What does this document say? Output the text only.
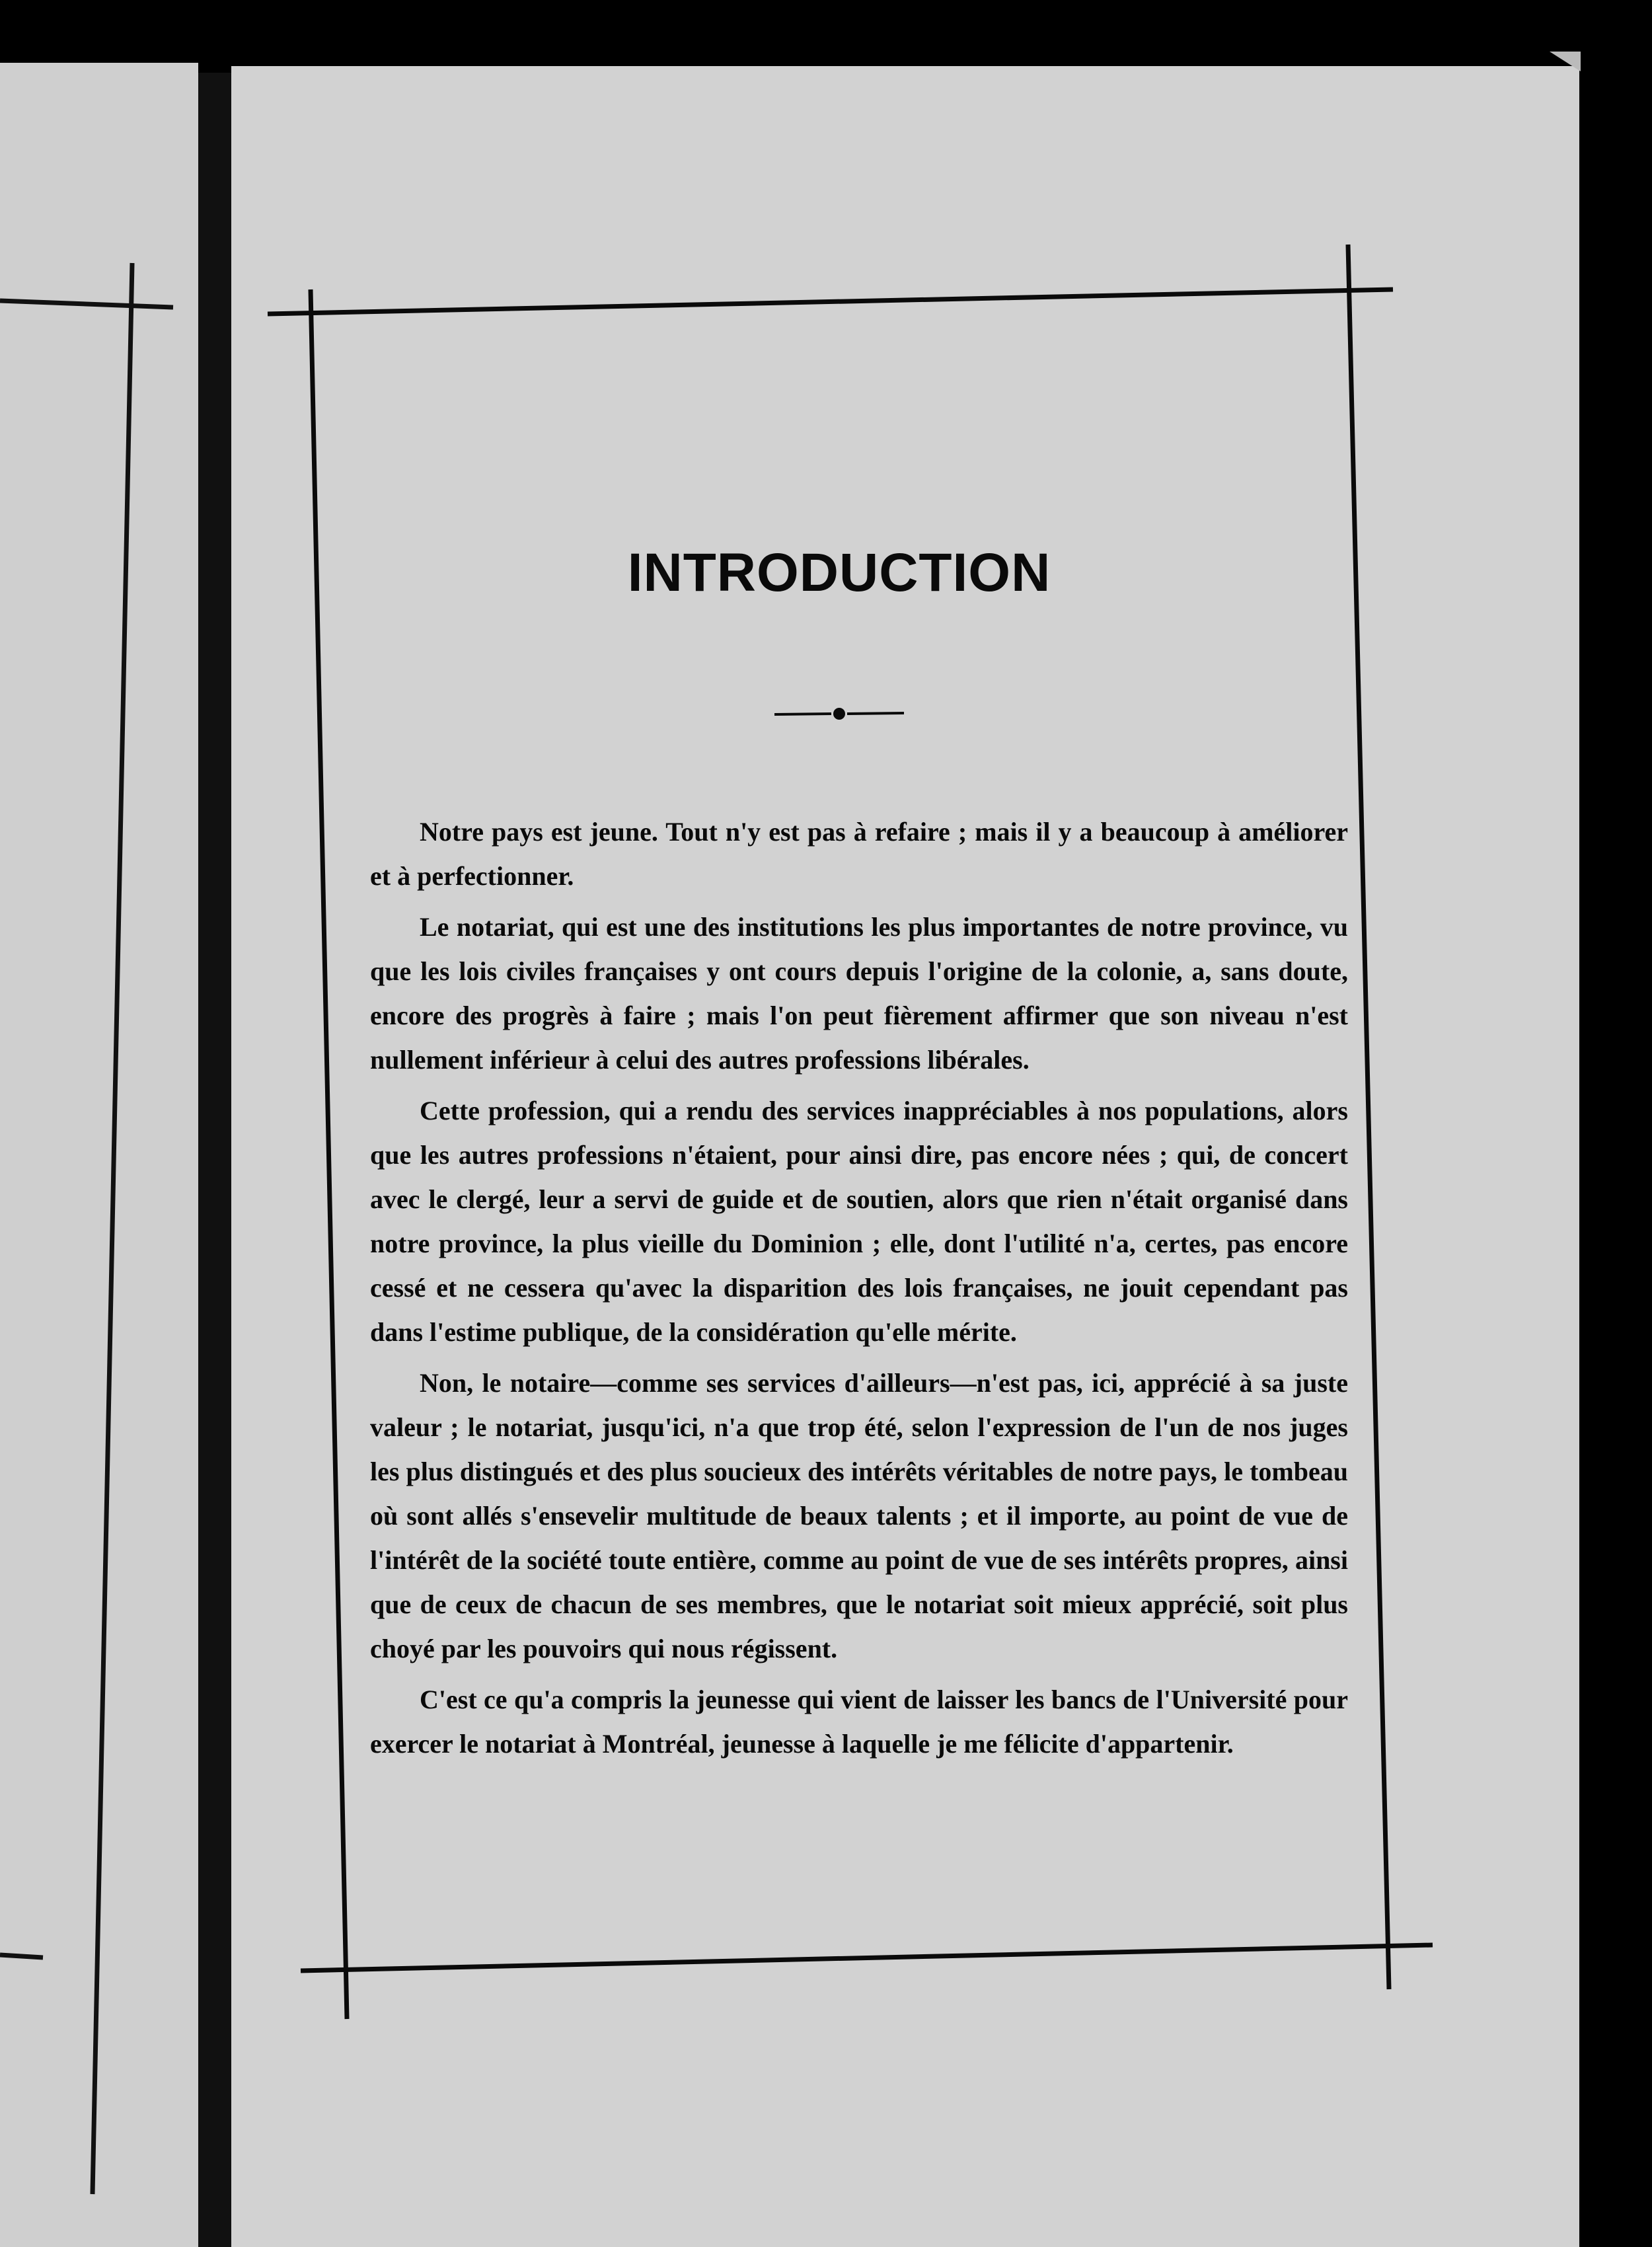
INTRODUCTION

Notre pays est jeune. Tout n'y est pas à refaire ; mais il y a beaucoup à améliorer et à perfectionner.

Le notariat, qui est une des institutions les plus importantes de notre province, vu que les lois civiles françaises y ont cours depuis l'origine de la colonie, a, sans doute, encore des progrès à faire ; mais l'on peut fièrement affirmer que son niveau n'est nullement inférieur à celui des autres professions libérales.

Cette profession, qui a rendu des services inappréciables à nos populations, alors que les autres professions n'étaient, pour ainsi dire, pas encore nées ; qui, de concert avec le clergé, leur a servi de guide et de soutien, alors que rien n'était organisé dans notre province, la plus vieille du Dominion ; elle, dont l'utilité n'a, certes, pas encore cessé et ne cessera qu'avec la disparition des lois françaises, ne jouit cependant pas dans l'estime publique, de la considération qu'elle mérite.

Non, le notaire—comme ses services d'ailleurs—n'est pas, ici, apprécié à sa juste valeur ; le notariat, jusqu'ici, n'a que trop été, selon l'expression de l'un de nos juges les plus distingués et des plus soucieux des intérêts véritables de notre pays, le tombeau où sont allés s'ensevelir multitude de beaux talents ; et il importe, au point de vue de l'intérêt de la société toute entière, comme au point de vue de ses intérêts propres, ainsi que de ceux de chacun de ses membres, que le notariat soit mieux apprécié, soit plus choyé par les pouvoirs qui nous régissent.

C'est ce qu'a compris la jeunesse qui vient de laisser les bancs de l'Université pour exercer le notariat à Montréal, jeunesse à laquelle je me félicite d'appartenir.
